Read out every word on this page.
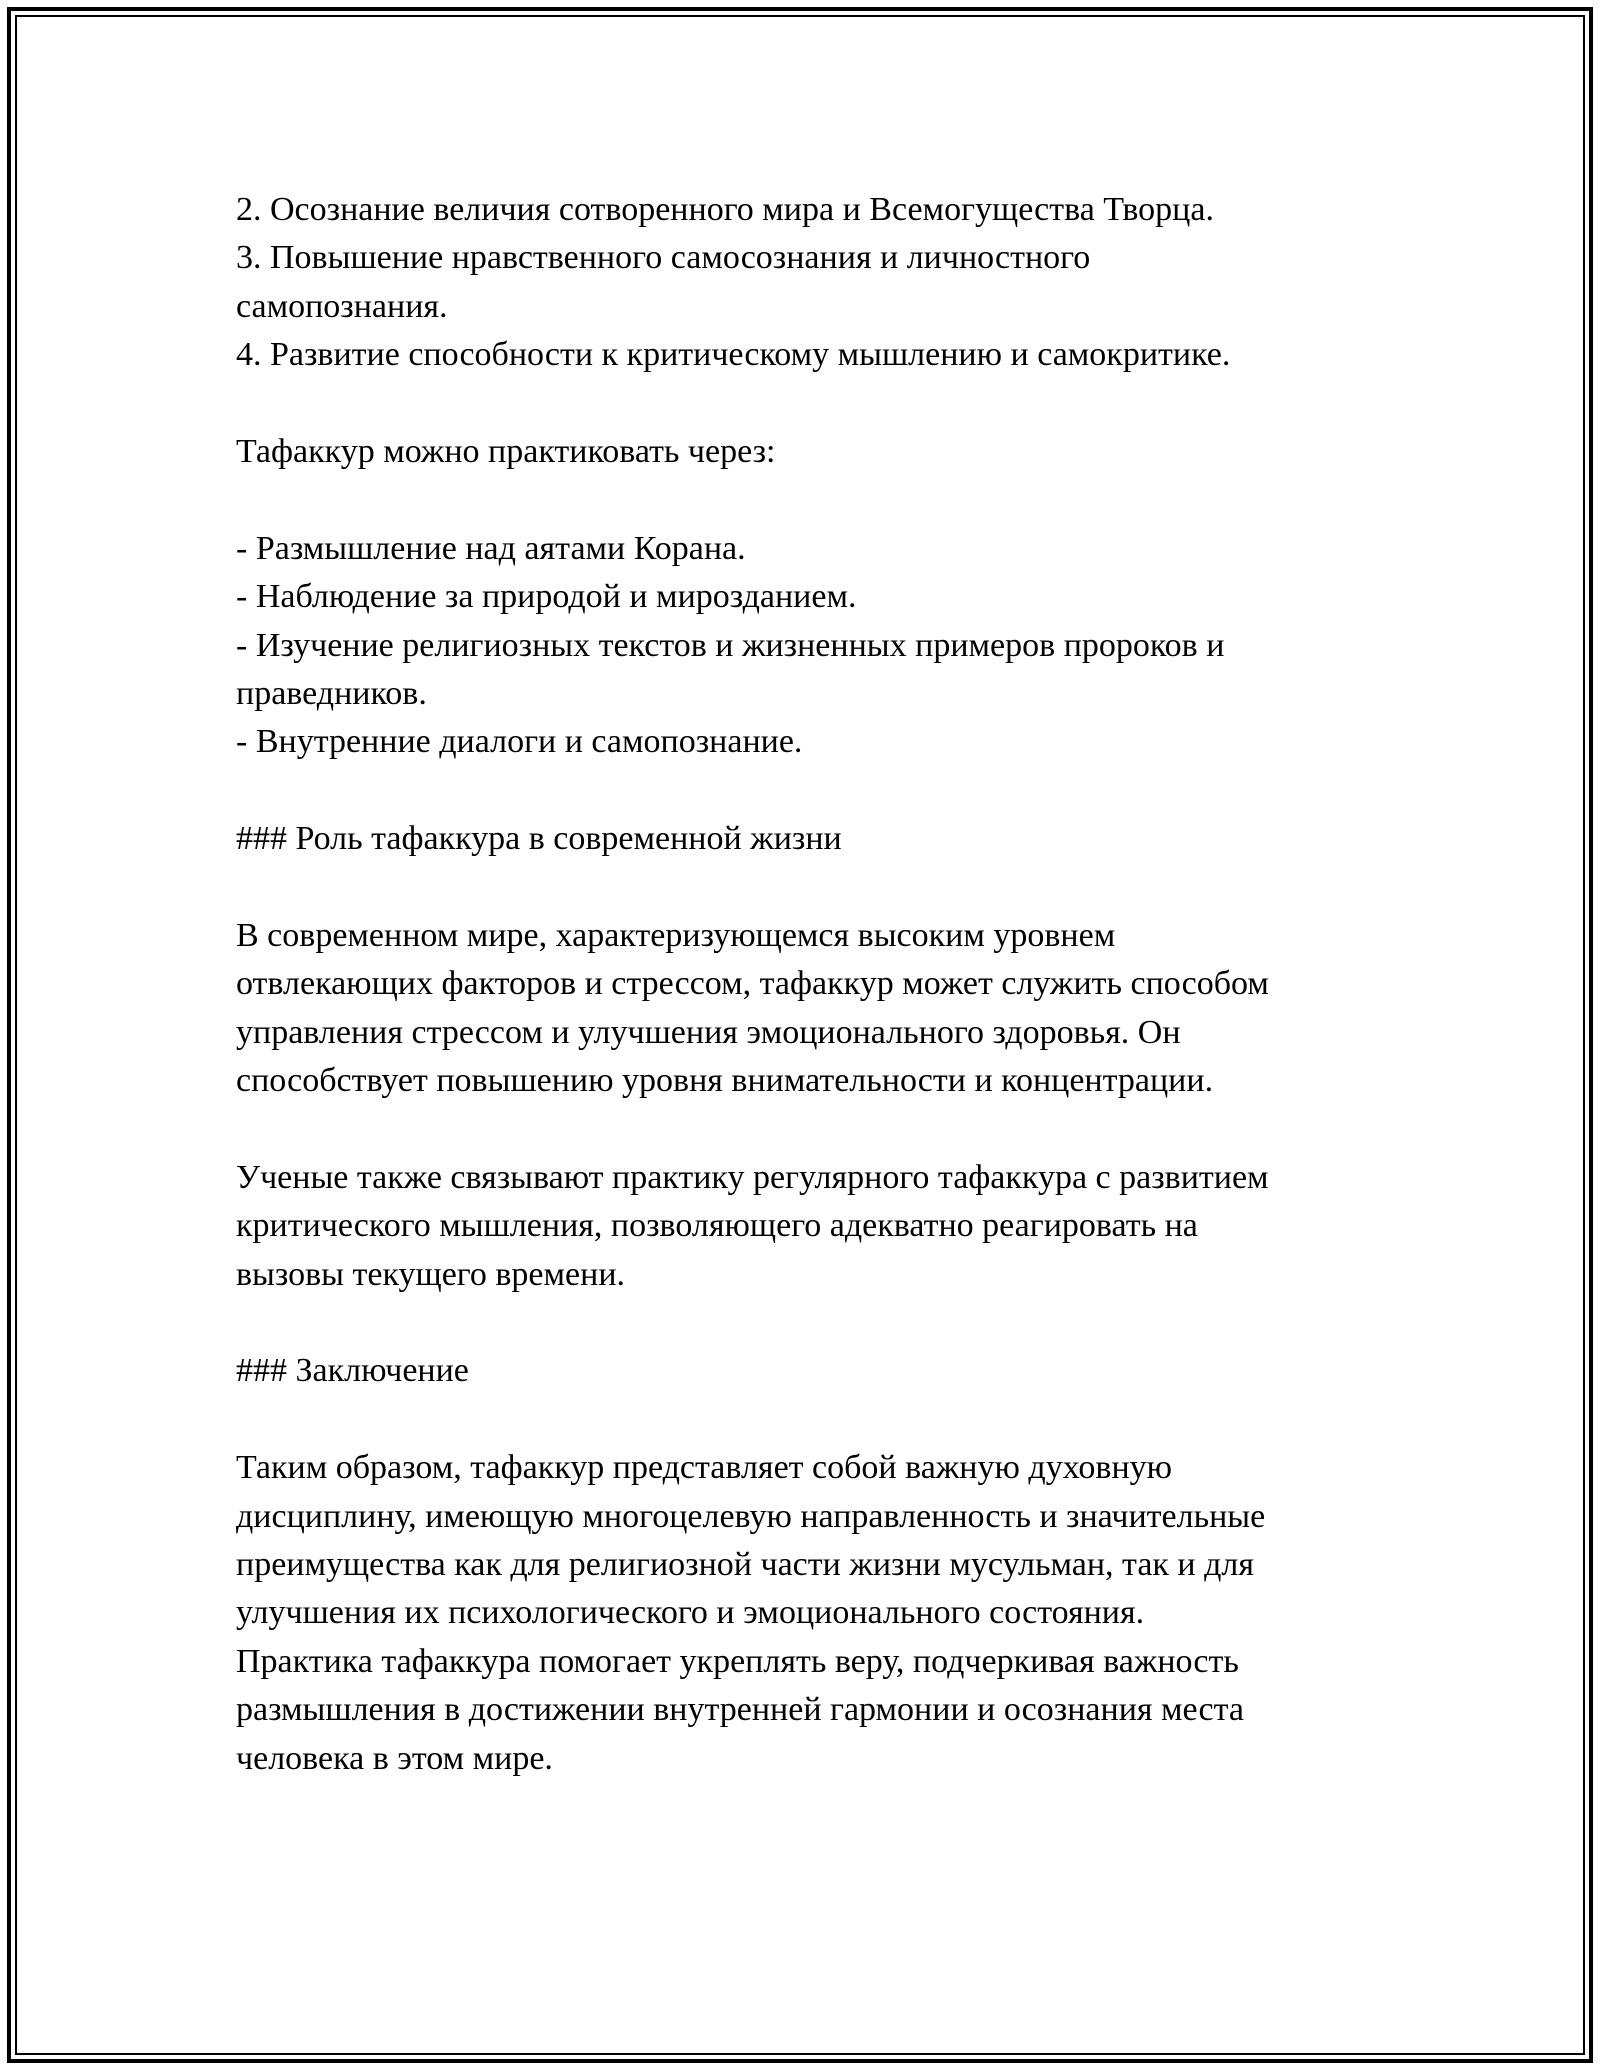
2. Осознание величия сотворенного мира и Всемогущества Творца.
3. Повышение нравственного самосознания и личностного
самопознания.
4. Развитие способности к критическому мышлению и самокритике.
Тафаккур можно практиковать через:
- Размышление над аятами Корана.
- Наблюдение за природой и мирозданием.
- Изучение религиозных текстов и жизненных примеров пророков и
праведников.
- Внутренние диалоги и самопознание.
### Роль тафаккура в современной жизни
В современном мире, характеризующемся высоким уровнем
отвлекающих факторов и стрессом, тафаккур может служить способом
управления стрессом и улучшения эмоционального здоровья. Он
способствует повышению уровня внимательности и концентрации.
Ученые также связывают практику регулярного тафаккура с развитием
критического мышления, позволяющего адекватно реагировать на
вызовы текущего времени.
### Заключение
Таким образом, тафаккур представляет собой важную духовную
дисциплину, имеющую многоцелевую направленность и значительные
преимущества как для религиозной части жизни мусульман, так и для
улучшения их психологического и эмоционального состояния.
Практика тафаккура помогает укреплять веру, подчеркивая важность
размышления в достижении внутренней гармонии и осознания места
человека в этом мире.
